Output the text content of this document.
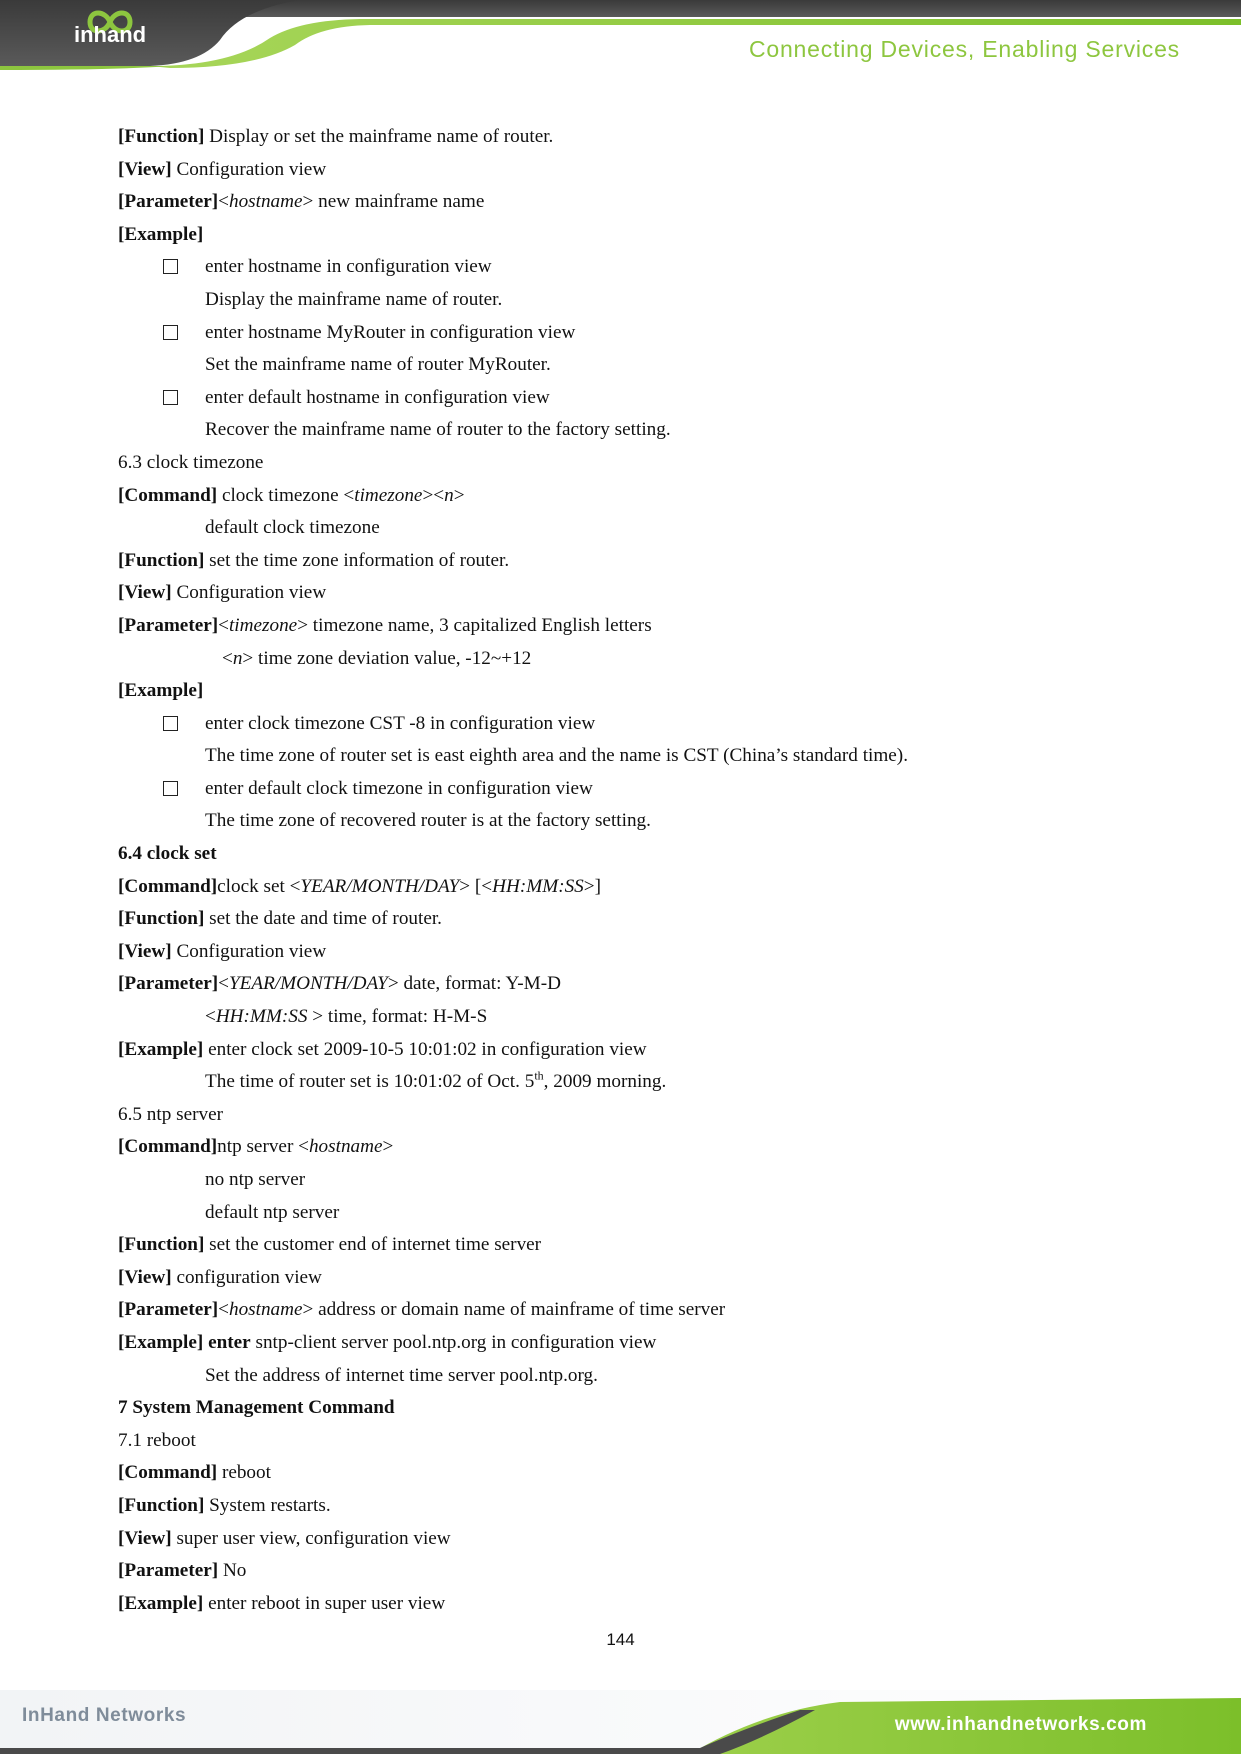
inhand
Connecting Devices, Enabling Services
[Function] Display or set the mainframe name of router.
[View] Configuration view
[Parameter]<hostname> new mainframe name
[Example]
enter hostname in configuration view
Display the mainframe name of router.
enter hostname MyRouter in configuration view
Set the mainframe name of router MyRouter.
enter default hostname in configuration view
Recover the mainframe name of router to the factory setting.
6.3 clock timezone
[Command] clock timezone <timezone><n>
default clock timezone
[Function] set the time zone information of router.
[View] Configuration view
[Parameter]<timezone> timezone name, 3 capitalized English letters
<n> time zone deviation value, -12~+12
[Example]
enter clock timezone CST -8 in configuration view
The time zone of router set is east eighth area and the name is CST (China’s standard time).
enter default clock timezone in configuration view
The time zone of recovered router is at the factory setting.
6.4 clock set
[Command]clock set <YEAR/MONTH/DAY> [<HH:MM:SS>]
[Function] set the date and time of router.
[View] Configuration view
[Parameter]<YEAR/MONTH/DAY> date, format: Y-M-D
<HH:MM:SS > time, format: H-M-S
[Example] enter clock set 2009-10-5 10:01:02 in configuration view
The time of router set is 10:01:02 of Oct. 5th, 2009 morning.
6.5 ntp server
[Command]ntp server <hostname>
no ntp server
default ntp server
[Function] set the customer end of internet time server
[View] configuration view
[Parameter]<hostname> address or domain name of mainframe of time server
[Example] enter sntp-client server pool.ntp.org in configuration view
Set the address of internet time server pool.ntp.org.
7 System Management Command
7.1 reboot
[Command] reboot
[Function] System restarts.
[View] super user view, configuration view
[Parameter] No
[Example] enter reboot in super user view
144
InHand Networks	www.inhandnetworks.com
